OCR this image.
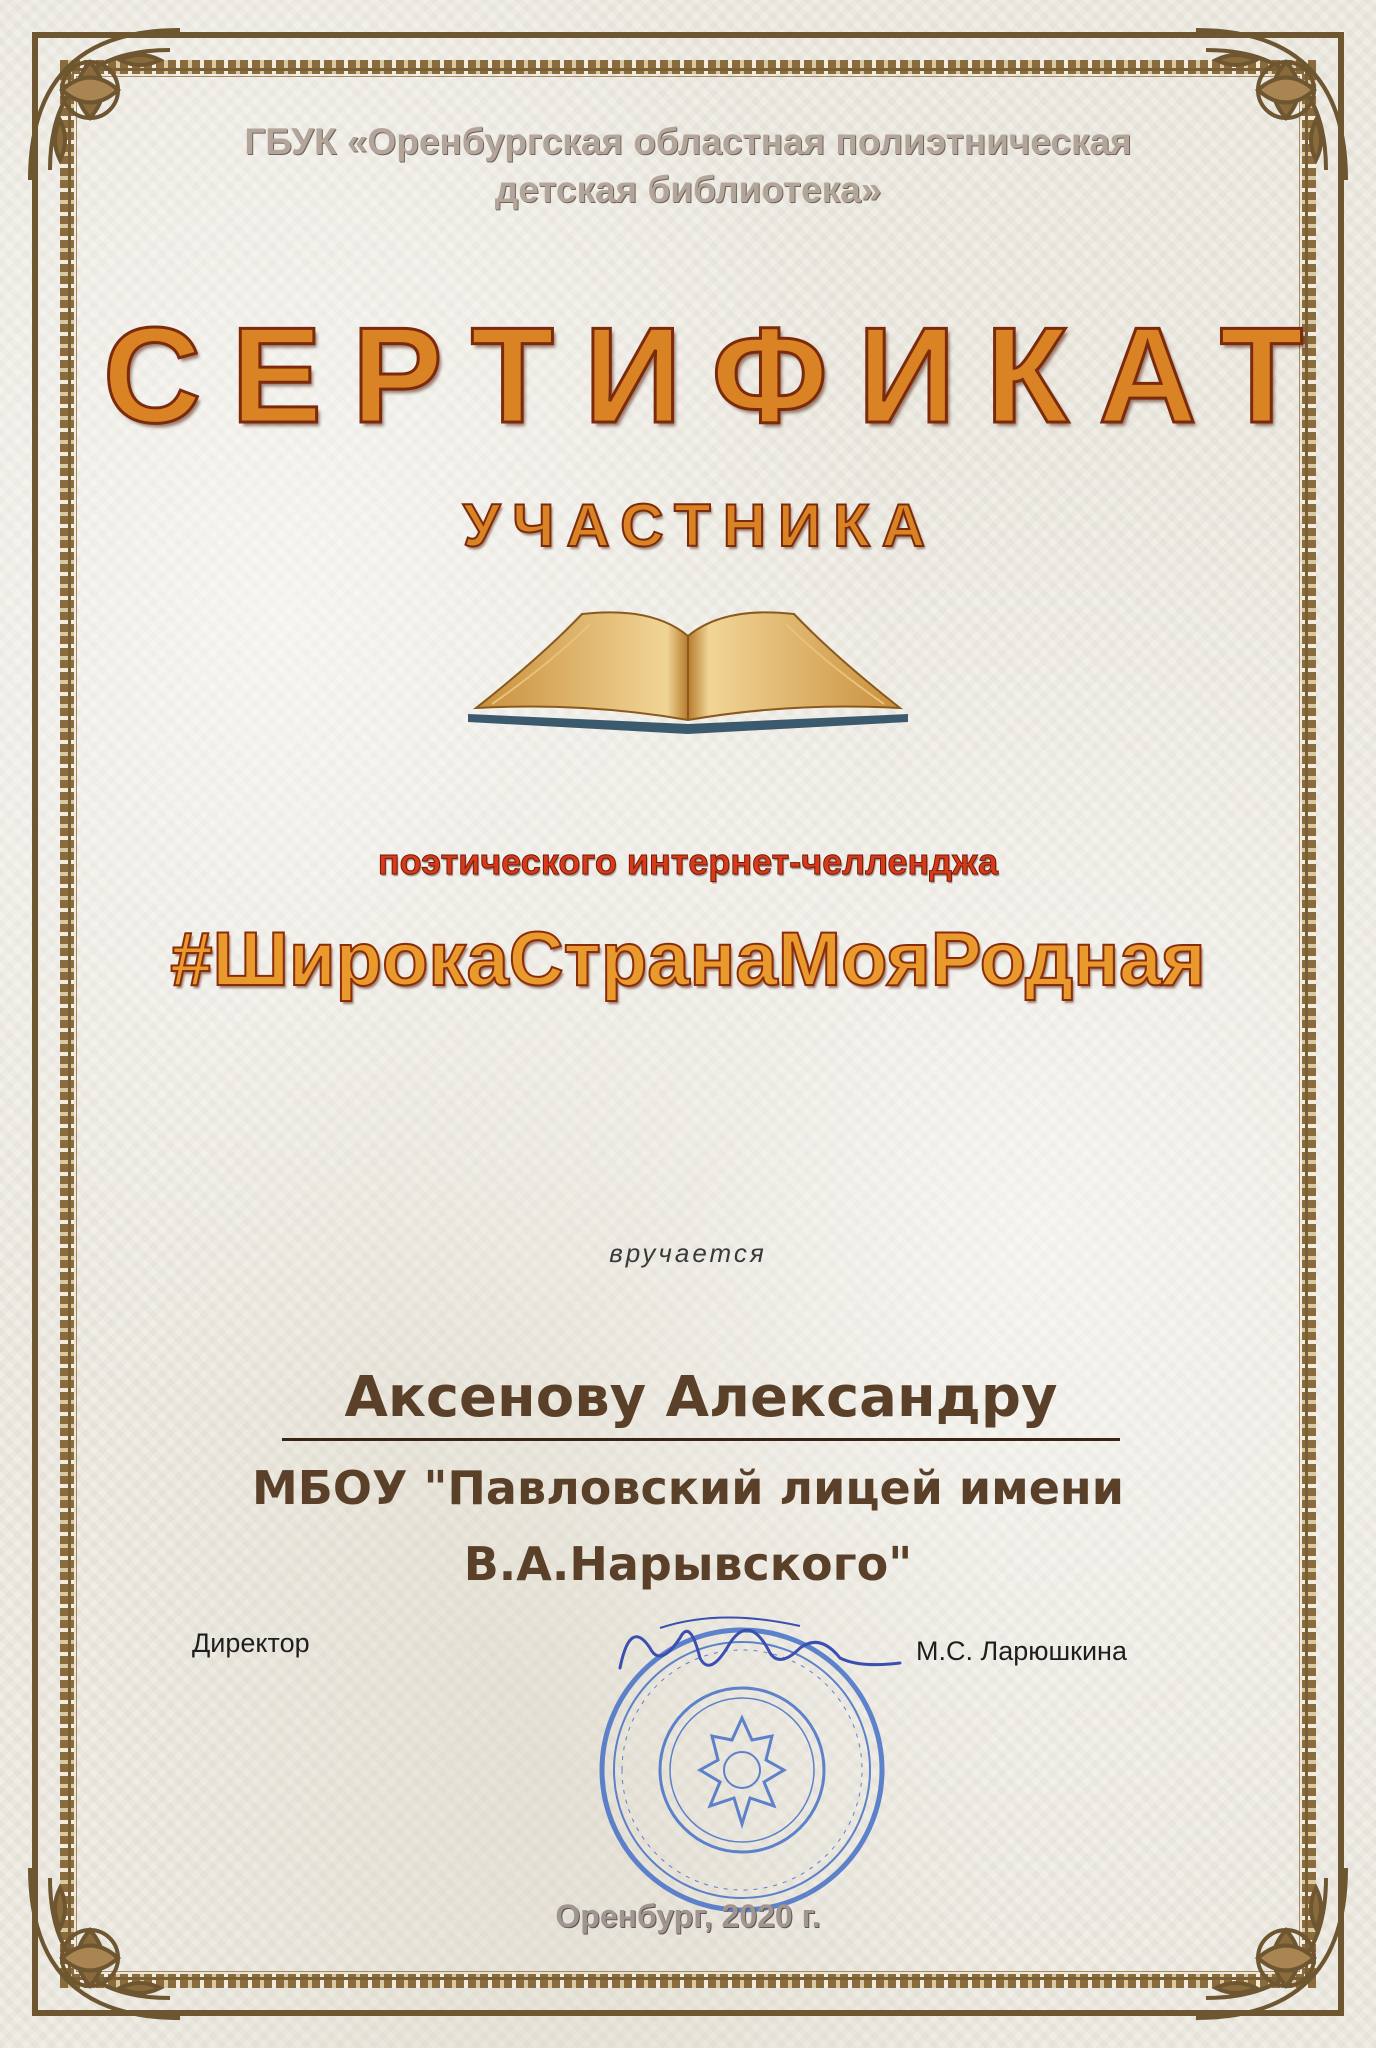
ГБУК «Оренбургская областная полиэтническая
детская библиотека»
СЕРТИФИКАТ
УЧАСТНИКА
поэтического интернет-челленджа
#ШирокаСтранаМояРодная
вручается
Аксенову Александру
МБОУ "Павловский лицей имени
В.А.Нарывского"
Директор	М.С. Ларюшкина
Оренбург, 2020 г.
